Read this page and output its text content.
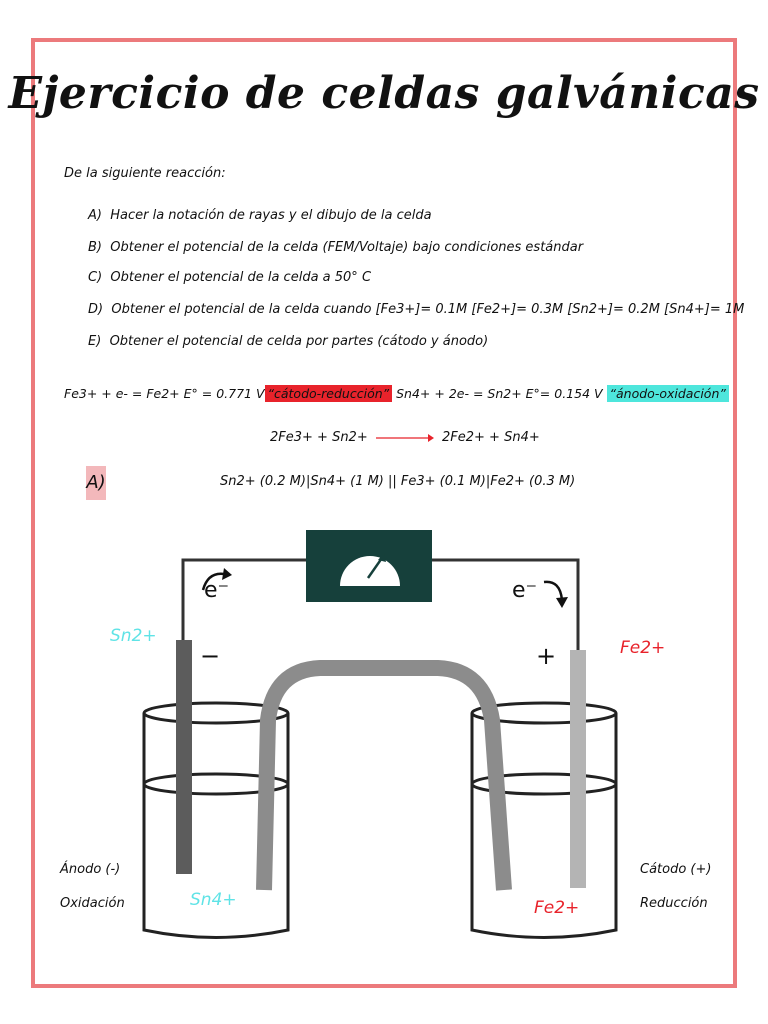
Ejercicio de celdas galvánicas
De la siguiente reacción:
A) Hacer la notación de rayas y el dibujo de la celda
B) Obtener el potencial de la celda (FEM/Voltaje) bajo condiciones estándar
C) Obtener el potencial de la celda a 50° C
D) Obtener el potencial de la celda cuando [Fe3+]= 0.1M [Fe2+]= 0.3M [Sn2+]= 0.2M [Sn4+]= 1M
E) Obtener el potencial de celda por partes (cátodo y ánodo)
Fe3+ + e- = Fe2+ E° = 0.771 V “cátodo-reducción” Sn4+ + 2e- = Sn2+ E°= 0.154 V “ánodo-oxidación”
2Fe3+ + Sn2+	2Fe2+ + Sn4+
A)	Sn2+ (0.2 M)|Sn4+ (1 M) || Fe3+ (0.1 M)|Fe2+ (0.3 M)
e⁻	e⁻
−	+
Sn2+
Fe2+
Sn4+	Fe2+
Ánodo (-)
Oxidación
Cátodo (+)
Reducción
